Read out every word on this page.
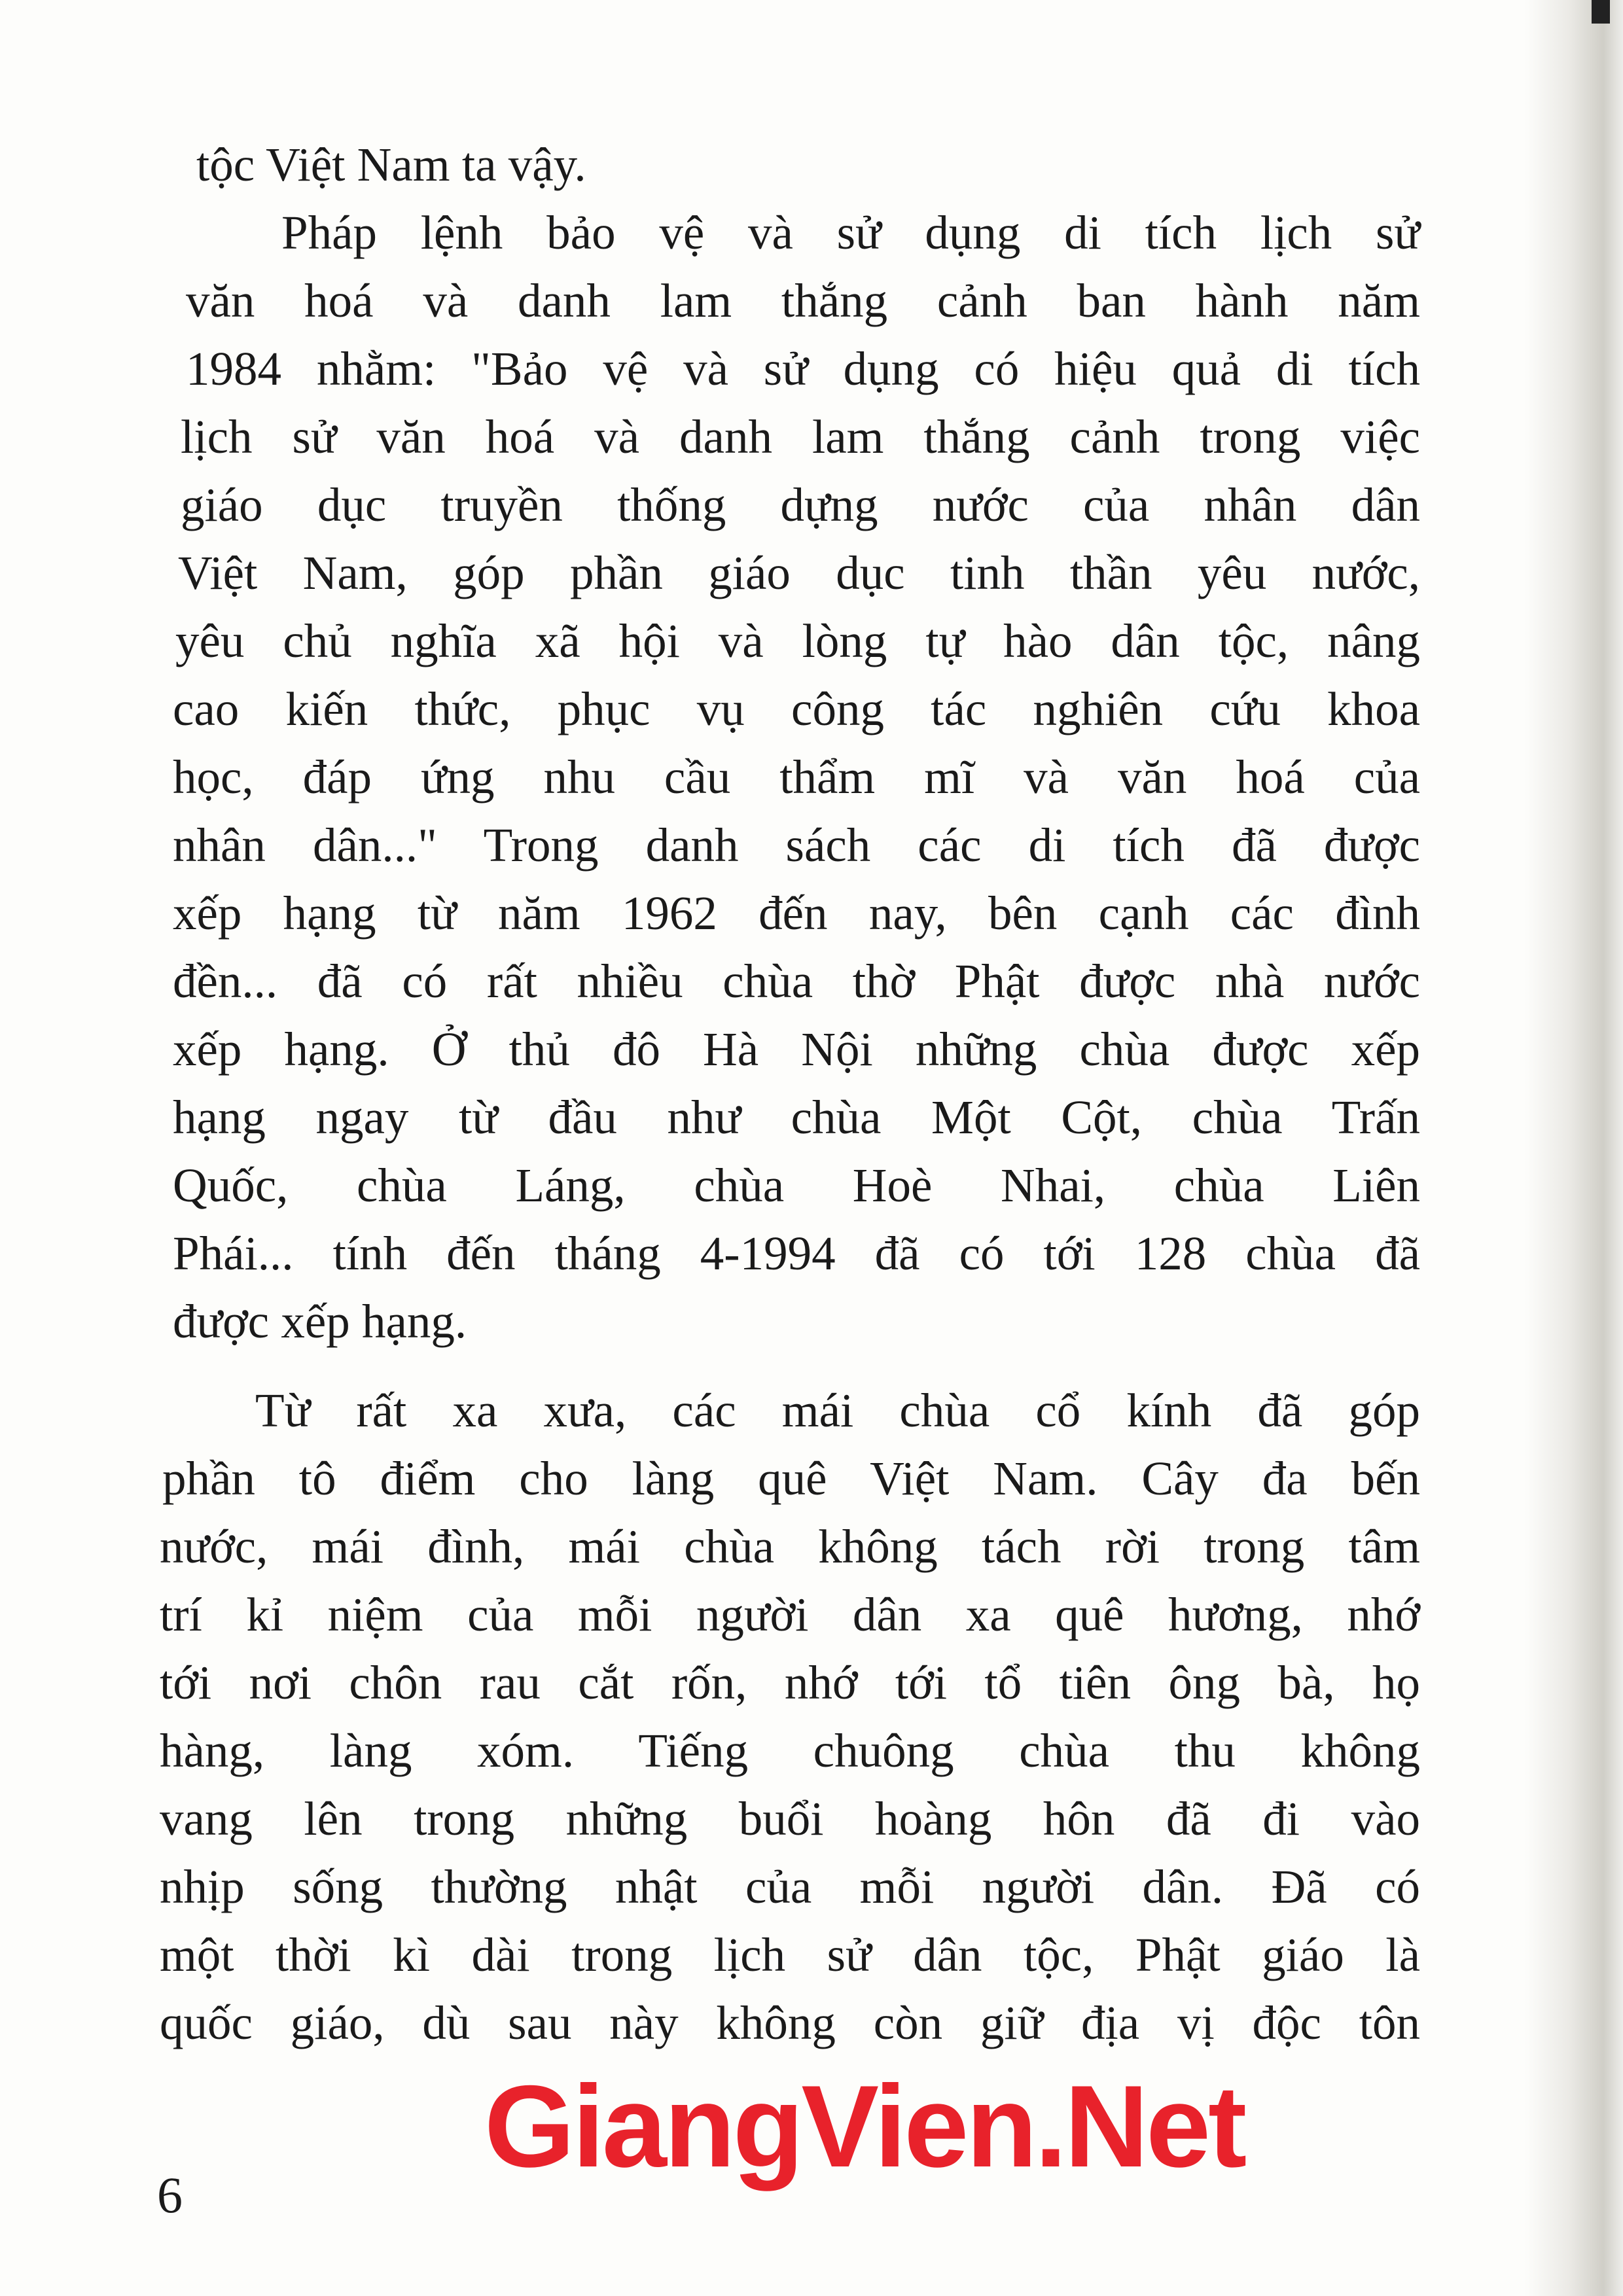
tộc Việt Nam ta vậy.
Pháp lệnh bảo vệ và sử dụng di tích lịch sử
văn hoá và danh lam thắng cảnh ban hành năm
1984 nhằm: "Bảo vệ và sử dụng có hiệu quả di tích
lịch sử văn hoá và danh lam thắng cảnh trong việc
giáo dục truyền thống dựng nước của nhân dân
Việt Nam, góp phần giáo dục tinh thần yêu nước,
yêu chủ nghĩa xã hội và lòng tự hào dân tộc, nâng
cao kiến thức, phục vụ công tác nghiên cứu khoa
học, đáp ứng nhu cầu thẩm mĩ và văn hoá của
nhân dân..." Trong danh sách các di tích đã được
xếp hạng từ năm 1962 đến nay, bên cạnh các đình
đền... đã có rất nhiều chùa thờ Phật được nhà nước
xếp hạng. Ở thủ đô Hà Nội những chùa được xếp
hạng ngay từ đầu như chùa Một Cột, chùa Trấn
Quốc, chùa Láng, chùa Hoè Nhai, chùa Liên
Phái... tính đến tháng 4-1994 đã có tới 128 chùa đã
được xếp hạng.
Từ rất xa xưa, các mái chùa cổ kính đã góp
phần tô điểm cho làng quê Việt Nam. Cây đa bến
nước, mái đình, mái chùa không tách rời trong tâm
trí kỉ niệm của mỗi người dân xa quê hương, nhớ
tới nơi chôn rau cắt rốn, nhớ tới tổ tiên ông bà, họ
hàng, làng xóm. Tiếng chuông chùa thu không
vang lên trong những buổi hoàng hôn đã đi vào
nhịp sống thường nhật của mỗi người dân. Đã có
một thời kì dài trong lịch sử dân tộc, Phật giáo là
quốc giáo, dù sau này không còn giữ địa vị độc tôn
GiangVien.Net
6
